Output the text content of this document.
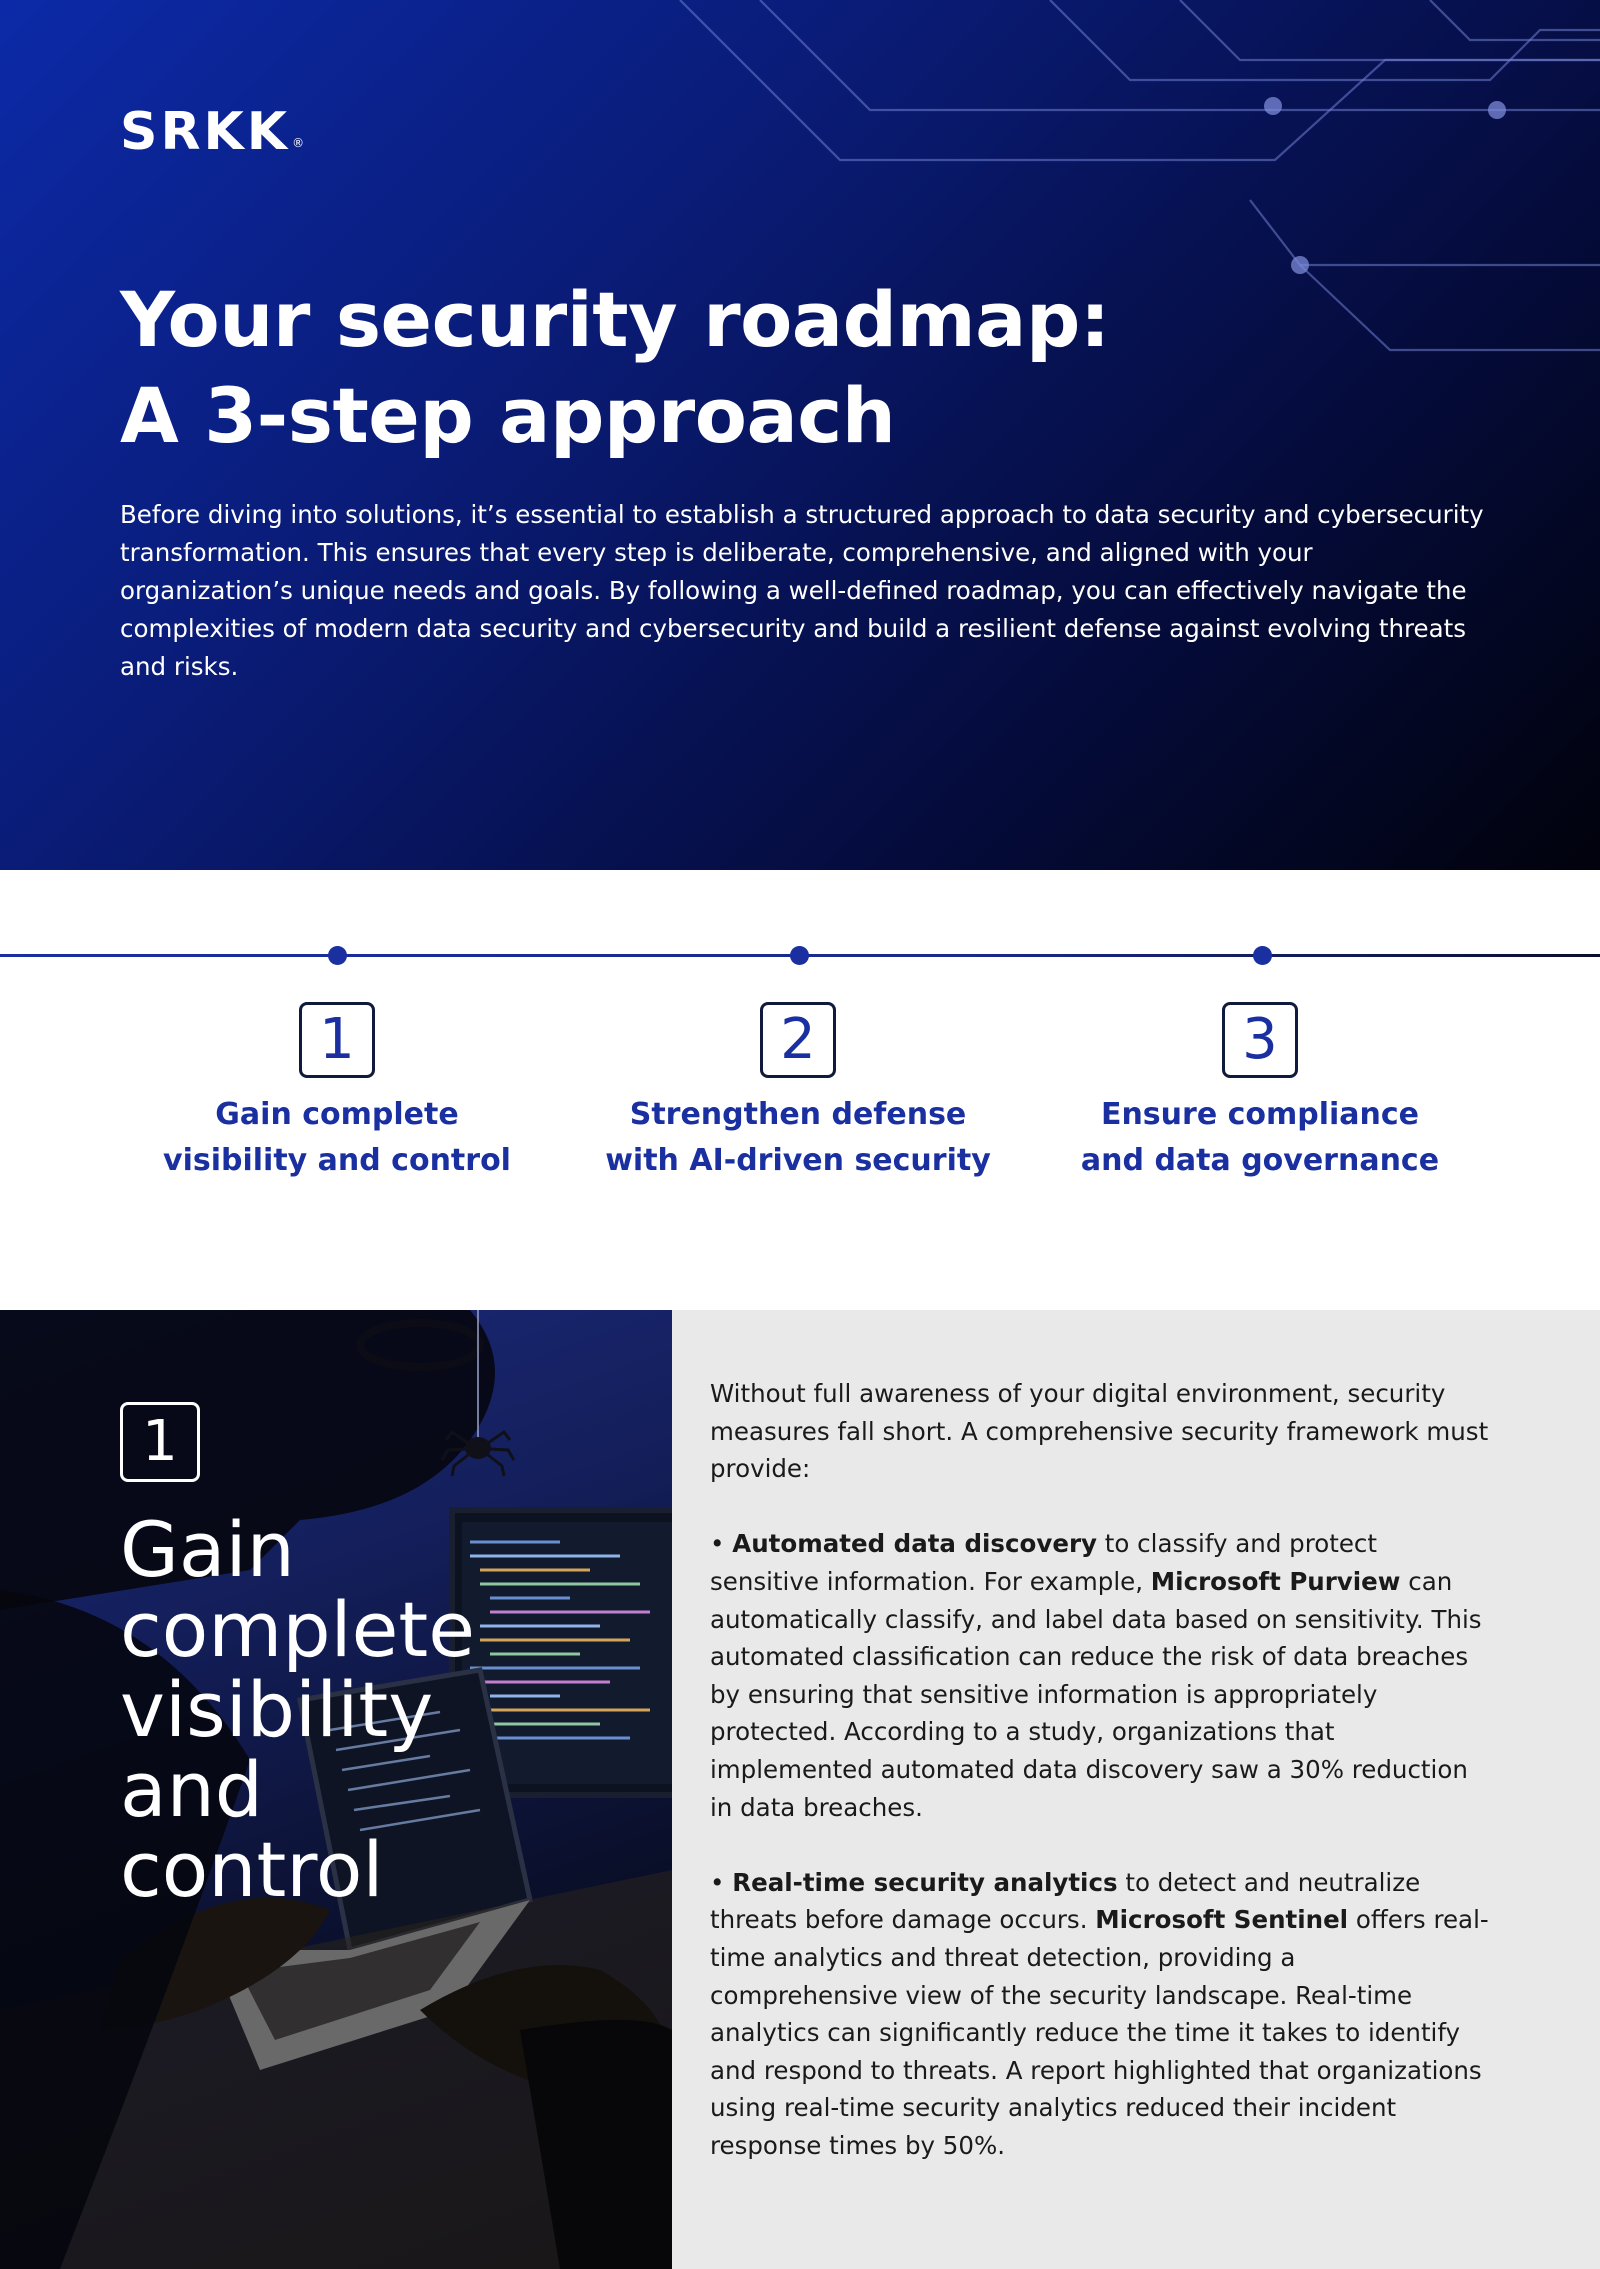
SRKK ®
Your security roadmap:
A 3-step approach

Before diving into solutions, it’s essential to establish a structured approach to data security and cybersecurity transformation. This ensures that every step is deliberate, comprehensive, and aligned with your organization’s unique needs and goals. By following a well-defined roadmap, you can effectively navigate the complexities of modern data security and cybersecurity and build a resilient defense against evolving threats and risks.

1
Gain complete
visibility and control
2
Strengthen defense
with AI-driven security
3
Ensure compliance
and data governance
1
Gain
complete
visibility
and
control

Without full awareness of your digital environment, security measures fall short. A comprehensive security framework must provide:

• Automated data discovery to classify and protect sensitive information. For example, Microsoft Purview can automatically classify, and label data based on sensitivity. This automated classification can reduce the risk of data breaches by ensuring that sensitive information is appropriately protected. According to a study, organizations that implemented automated data discovery saw a 30% reduction in data breaches.

• Real-time security analytics to detect and neutralize threats before damage occurs. Microsoft Sentinel offers real-time analytics and threat detection, providing a comprehensive view of the security landscape. Real-time analytics can significantly reduce the time it takes to identify and respond to threats. A report highlighted that organizations using real-time security analytics reduced their incident response times by 50%.
